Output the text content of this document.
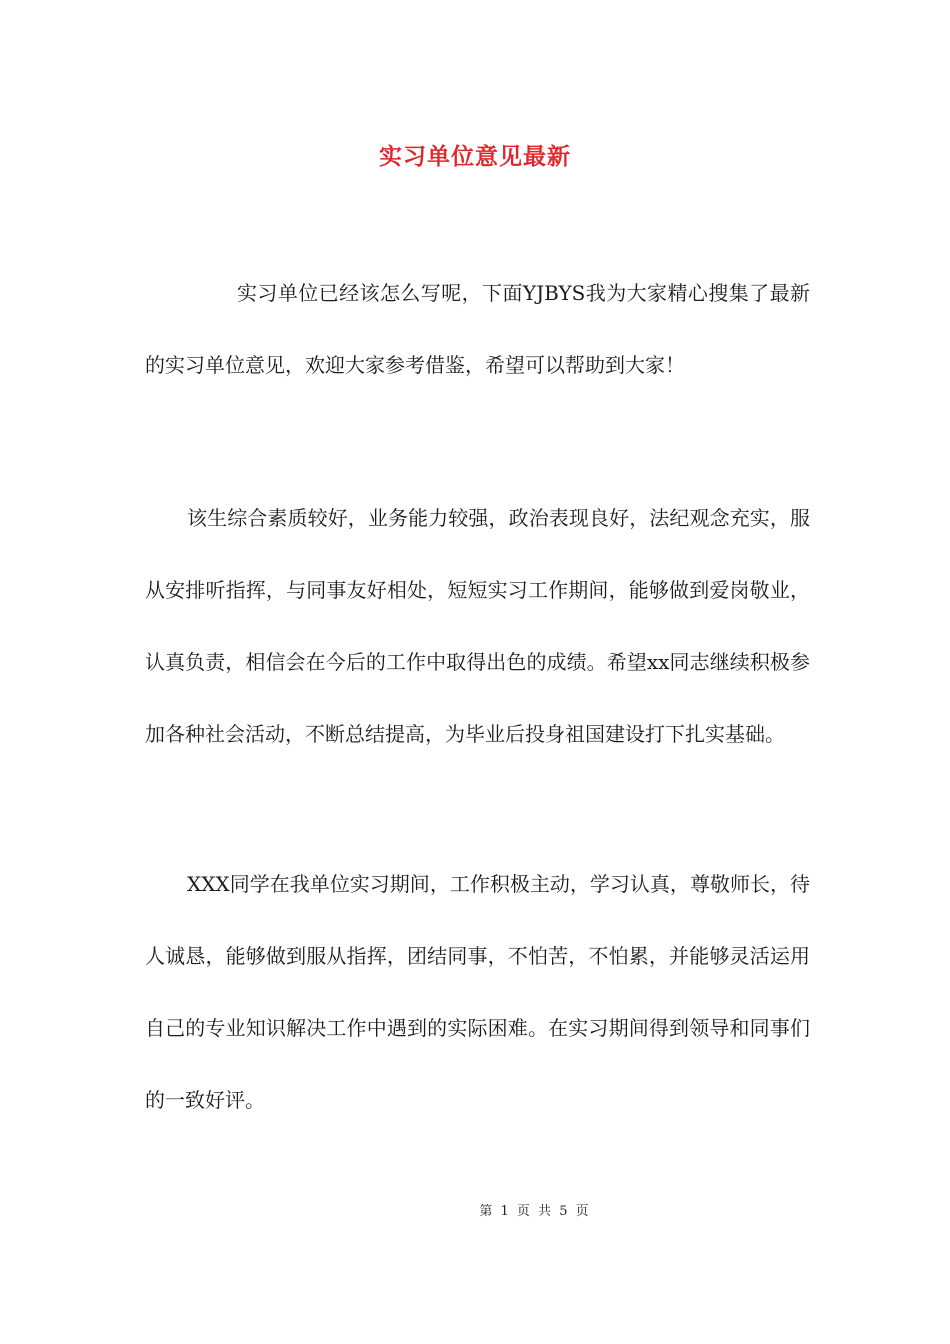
实习单位意见最新

实习单位已经该怎么写呢，下面YJBYS我为大家精心搜集了最新的实习单位意见，欢迎大家参考借鉴，希望可以帮助到大家！

该生综合素质较好，业务能力较强，政治表现良好，法纪观念充实，服从安排听指挥，与同事友好相处，短短实习工作期间，能够做到爱岗敬业，认真负责，相信会在今后的工作中取得出色的成绩。希望xx同志继续积极参加各种社会活动，不断总结提高，为毕业后投身祖国建设打下扎实基础。

XXX同学在我单位实习期间，工作积极主动，学习认真，尊敬师长，待人诚恳，能够做到服从指挥，团结同事，不怕苦，不怕累，并能够灵活运用自己的专业知识解决工作中遇到的实际困难。在实习期间得到领导和同事们的一致好评。

第 1 页 共 5 页
